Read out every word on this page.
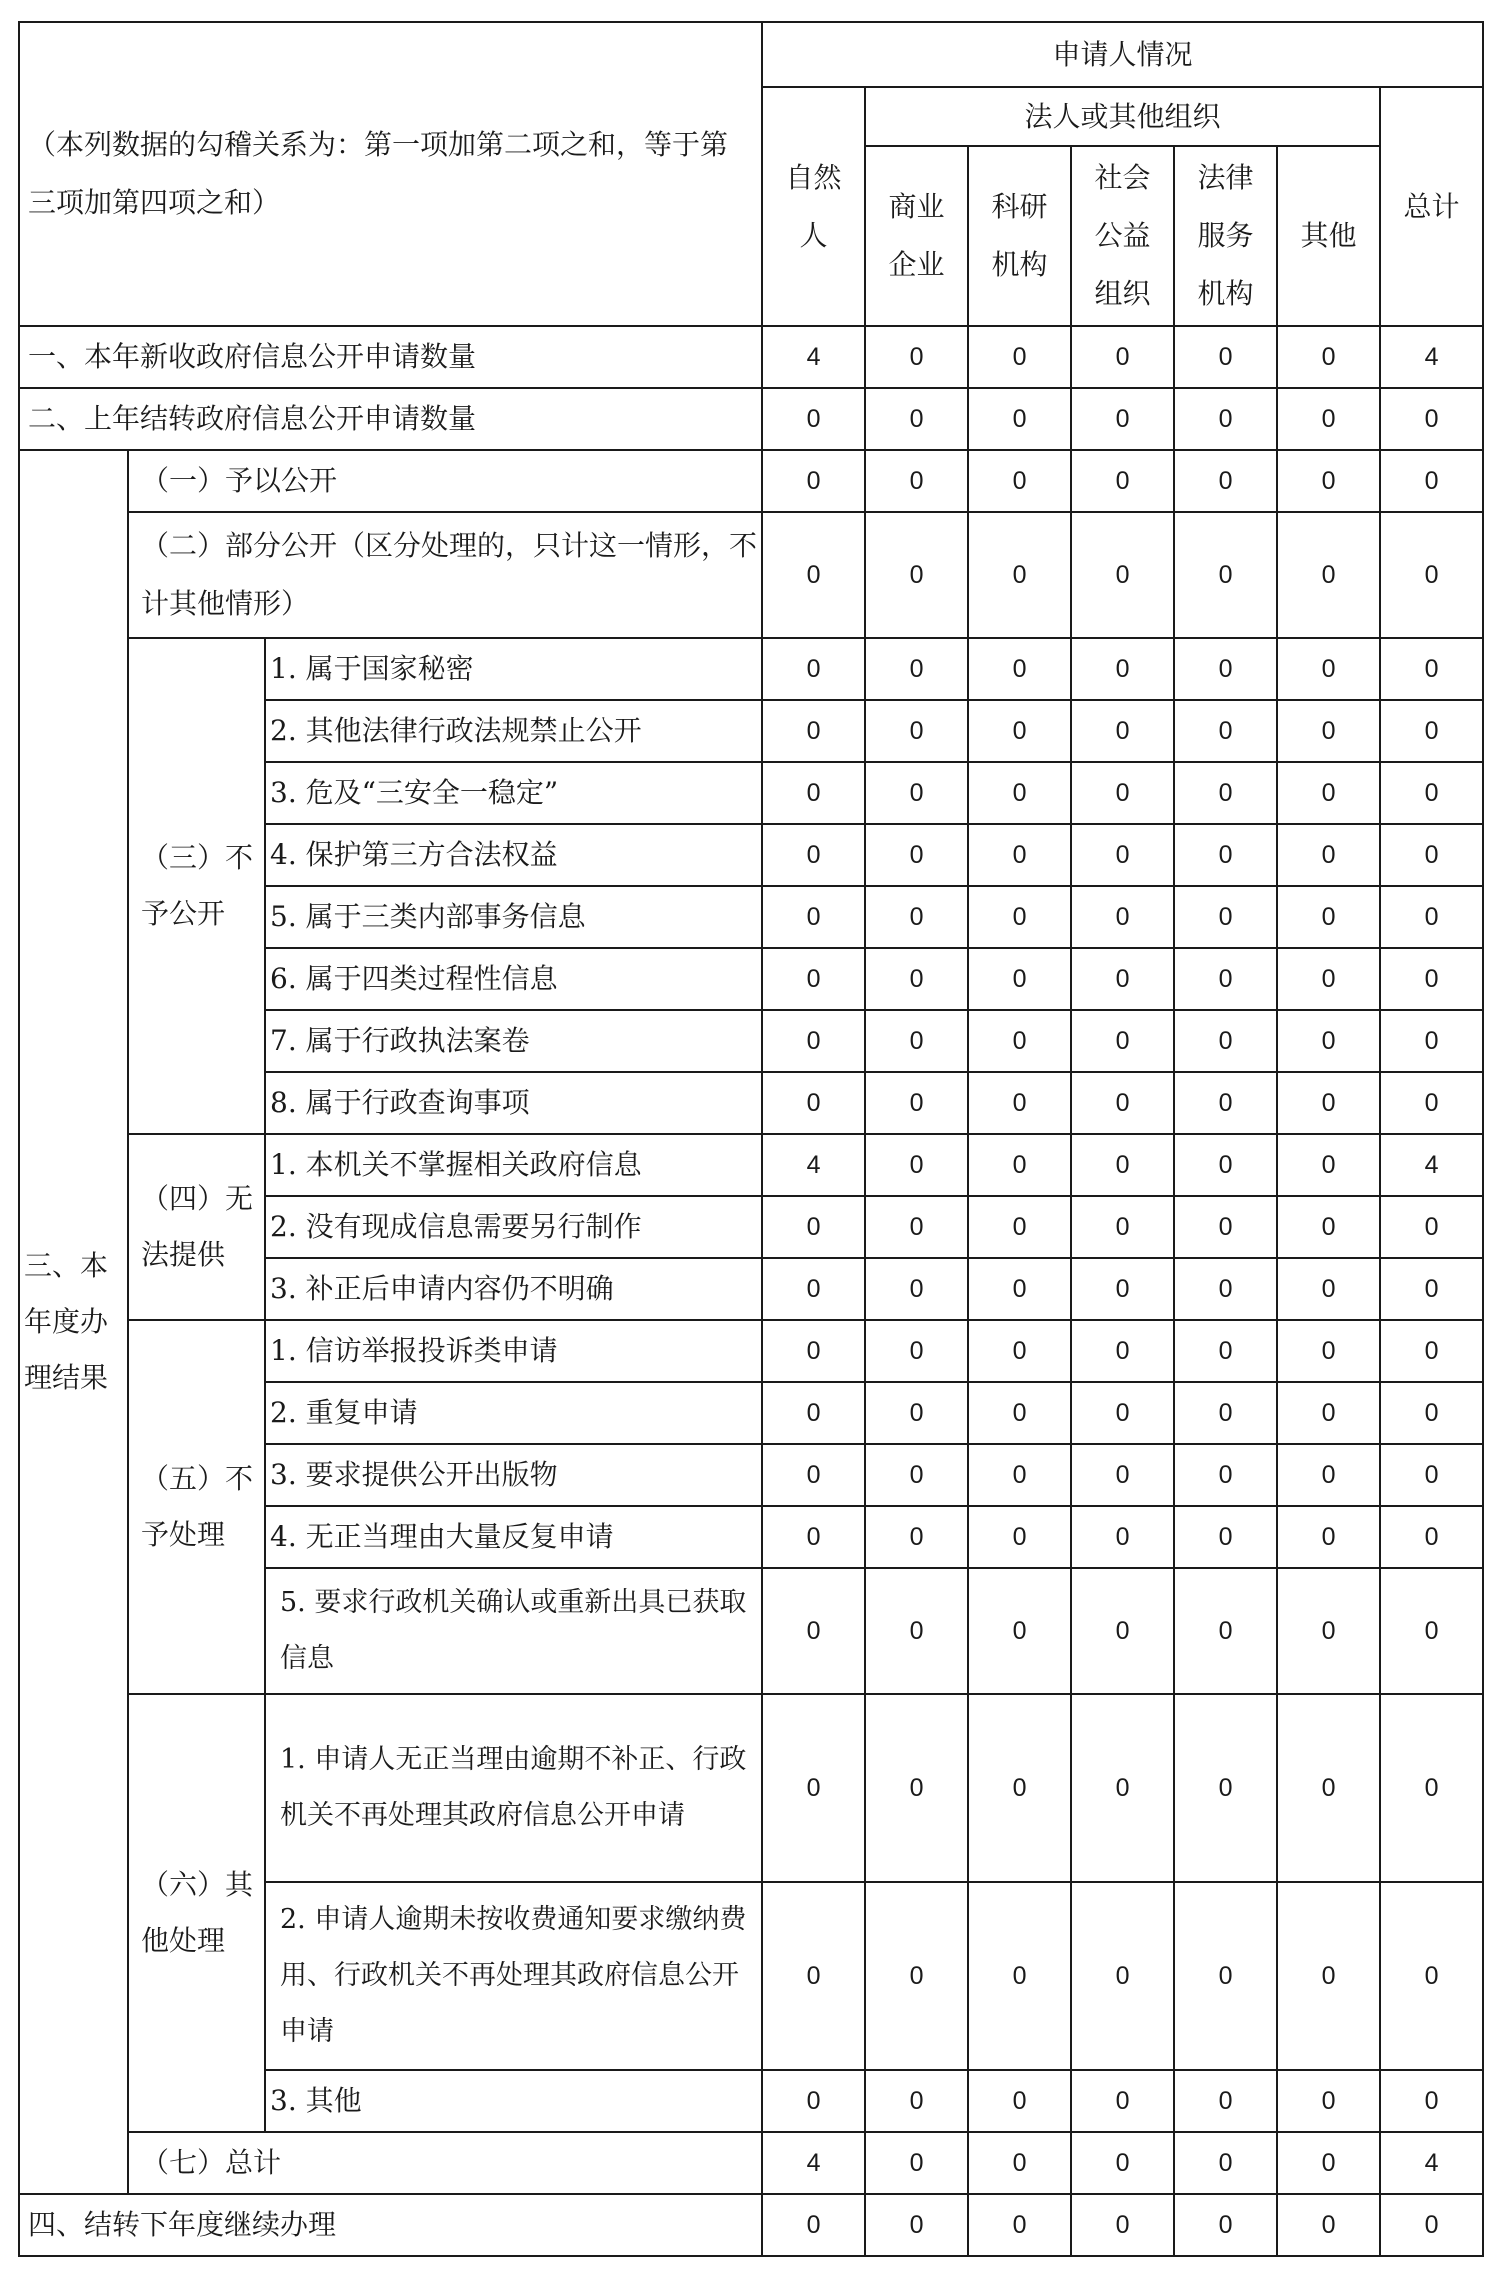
（本列数据的勾稽关系为：第一项加第二项之和，等于第三项加第四项之和）			申请人情况						
			自然人	法人或其他组织					总计
				商业企业	科研机构	社会公益组织	法律服务机构	其他	
一、本年新收政府信息公开申请数量			4	0	0	0	0	0	4
二、上年结转政府信息公开申请数量			0	0	0	0	0	0	0
三、本年度办理结果	（一）予以公开		0	0	0	0	0	0	0
	（二）部分公开（区分处理的，只计这一情形，不计其他情形）		0	0	0	0	0	0	0
	（三）不予公开	1. 属于国家秘密	0	0	0	0	0	0	0
		2. 其他法律行政法规禁止公开	0	0	0	0	0	0	0
		3. 危及“三安全一稳定”	0	0	0	0	0	0	0
		4. 保护第三方合法权益	0	0	0	0	0	0	0
		5. 属于三类内部事务信息	0	0	0	0	0	0	0
		6. 属于四类过程性信息	0	0	0	0	0	0	0
		7. 属于行政执法案卷	0	0	0	0	0	0	0
		8. 属于行政查询事项	0	0	0	0	0	0	0
	（四）无法提供	1. 本机关不掌握相关政府信息	4	0	0	0	0	0	4
		2. 没有现成信息需要另行制作	0	0	0	0	0	0	0
		3. 补正后申请内容仍不明确	0	0	0	0	0	0	0
	（五）不予处理	1. 信访举报投诉类申请	0	0	0	0	0	0	0
		2. 重复申请	0	0	0	0	0	0	0
		3. 要求提供公开出版物	0	0	0	0	0	0	0
		4. 无正当理由大量反复申请	0	0	0	0	0	0	0
		5. 要求行政机关确认或重新出具已获取信息	0	0	0	0	0	0	0
	（六）其他处理	1. 申请人无正当理由逾期不补正、行政机关不再处理其政府信息公开申请	0	0	0	0	0	0	0
		2. 申请人逾期未按收费通知要求缴纳费用、行政机关不再处理其政府信息公开申请	0	0	0	0	0	0	0
		3. 其他	0	0	0	0	0	0	0
	（七）总计		4	0	0	0	0	0	4
四、结转下年度继续办理			0	0	0	0	0	0	0
